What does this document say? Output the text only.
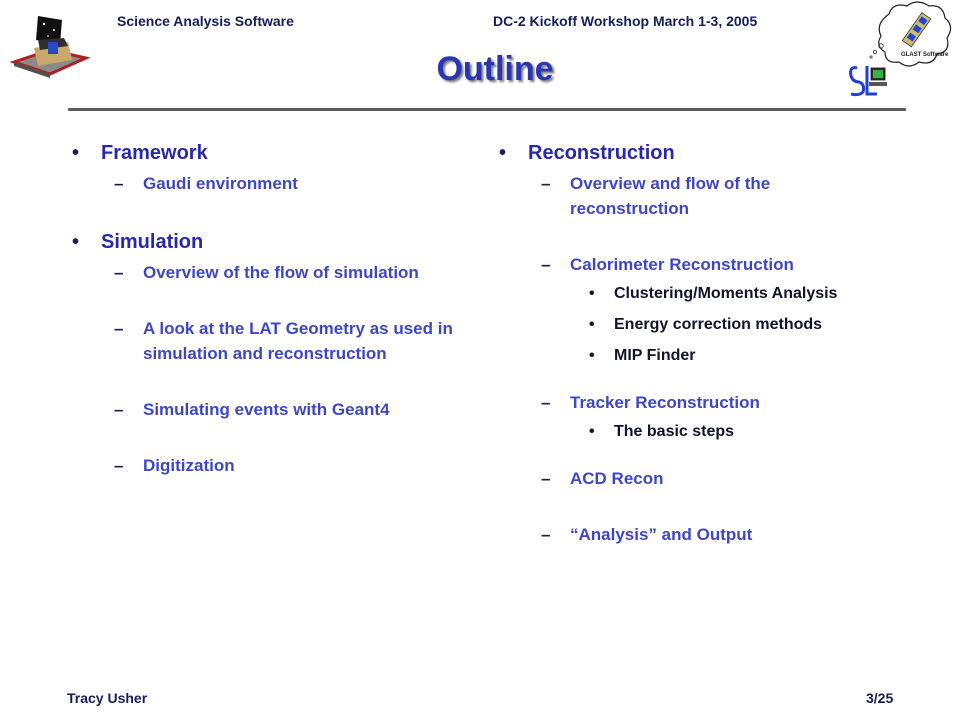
Science Analysis Software	DC-2 Kickoff Workshop March 1-3, 2005
GLAST Software
Outline
•	Framework
–	Gaudi environment
•	Simulation
–	Overview of the flow of simulation
–	A look at the LAT Geometry as used in simulation and reconstruction
–	Simulating events with Geant4
–	Digitization
•	Reconstruction
–	Overview and flow of the reconstruction
–	Calorimeter Reconstruction
•	Clustering/Moments Analysis
•	Energy correction methods
•	MIP Finder
–	Tracker Reconstruction
•	The basic steps
–	ACD Recon
–	“Analysis” and Output
Tracy Usher	3/25
